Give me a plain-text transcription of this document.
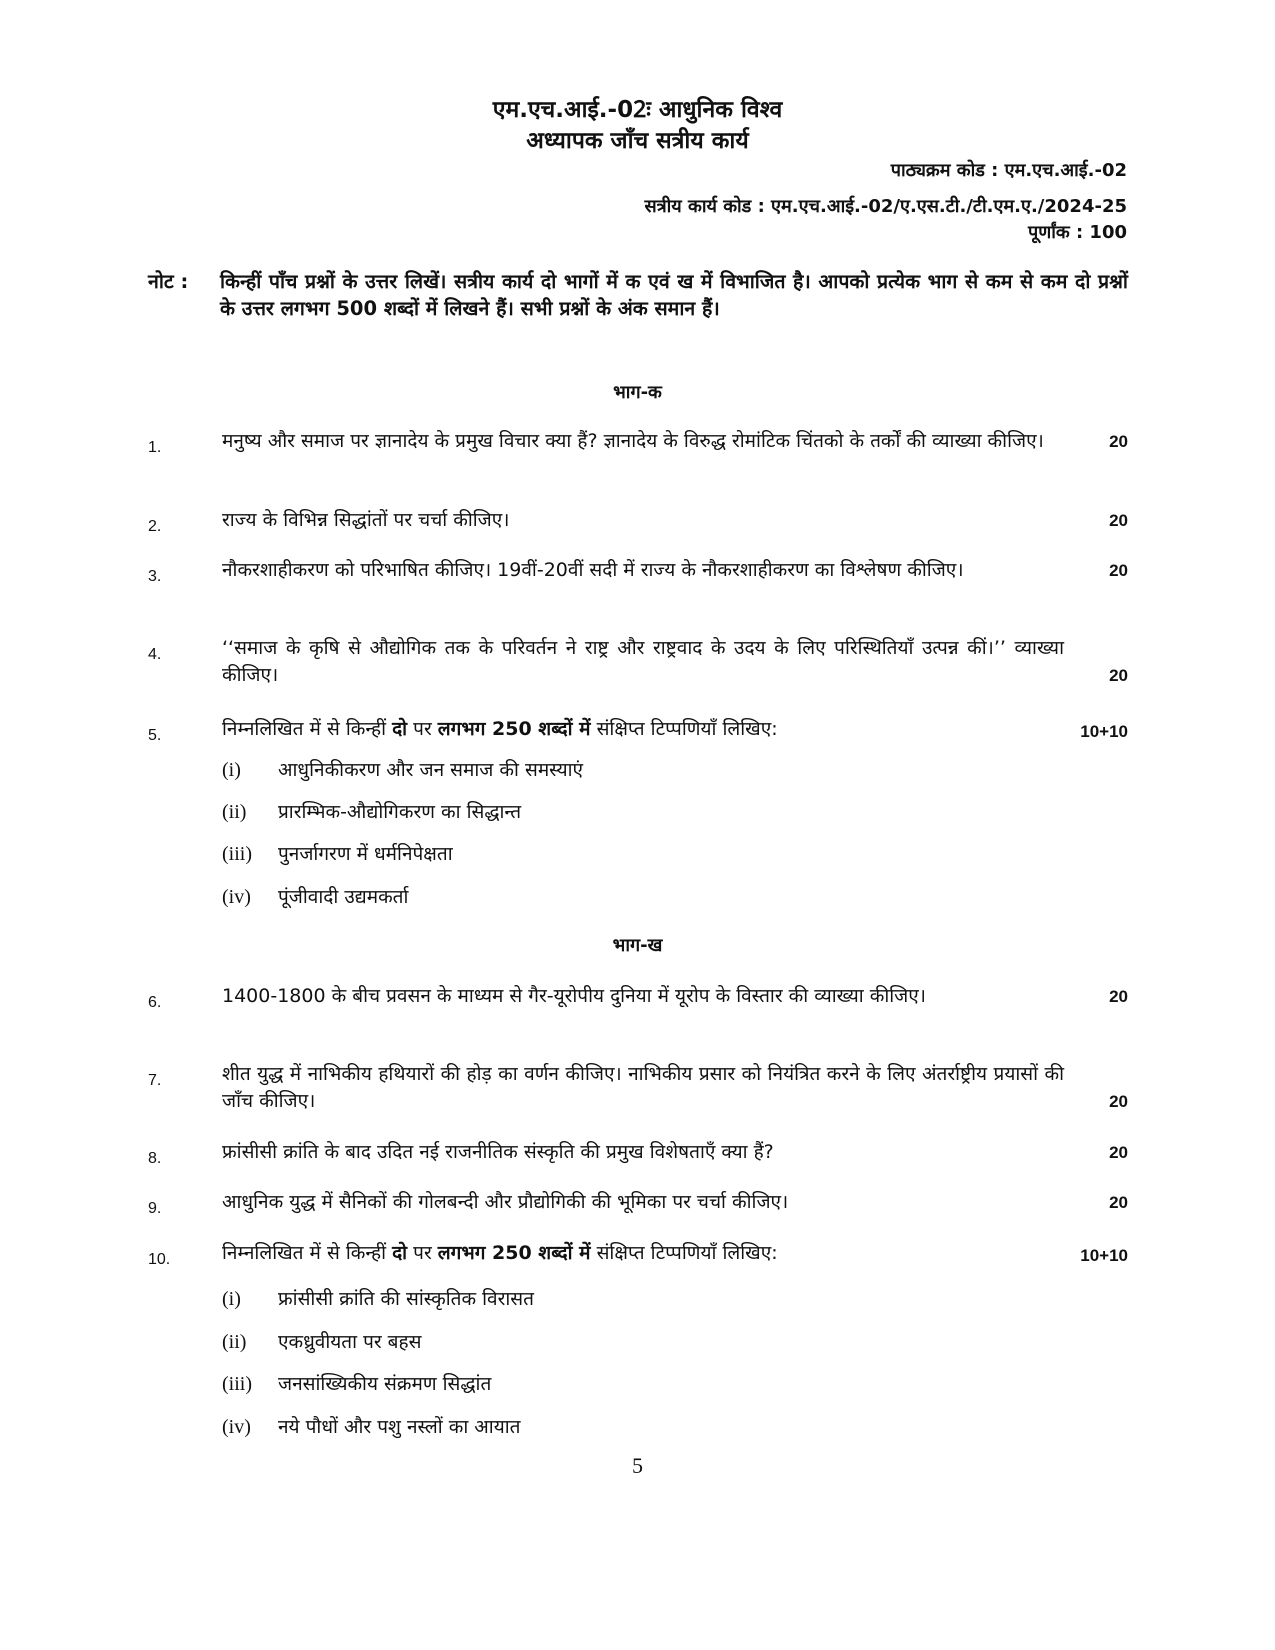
एम.एच.आई.-02ः आधुनिक विश्व
अध्यापक जाँच सत्रीय कार्य
पाठ्यक्रम कोड : एम.एच.आई.-02
सत्रीय कार्य कोड : एम.एच.आई.-02/ए.एस.टी./टी.एम.ए./2024-25
पूर्णांक : 100
नोट : किन्हीं पाँच प्रश्नों के उत्तर लिखें। सत्रीय कार्य दो भागों में क एवं ख में विभाजित है। आपको प्रत्येक भाग से कम से कम दो प्रश्नों के उत्तर लगभग 500 शब्दों में लिखने हैं। सभी प्रश्नों के अंक समान हैं।
भाग-क
1.	मनुष्य और समाज पर ज्ञानादेय के प्रमुख विचार क्या हैं? ज्ञानादेय के विरुद्ध रोमांटिक चिंतको के तर्कों की व्याख्या कीजिए।	20
2.	राज्य के विभिन्न सिद्धांतों पर चर्चा कीजिए।	20
3.	नौकरशाहीकरण को परिभाषित कीजिए। 19वीं-20वीं सदी में राज्य के नौकरशाहीकरण का विश्लेषण कीजिए।	20
4.	‘‘समाज के कृषि से औद्योगिक तक के परिवर्तन ने राष्ट्र और राष्ट्रवाद के उदय के लिए परिस्थितियाँ उत्पन्न कीं।’’ व्याख्या कीजिए।	20
5.	निम्नलिखित में से किन्हीं दो पर लगभग 250 शब्दों में संक्षिप्त टिप्पणियाँ लिखिए:	10+10
(i) आधुनिकीकरण और जन समाज की समस्याएं
(ii) प्रारम्भिक-औद्योगिकरण का सिद्धान्त
(iii) पुनर्जागरण में धर्मनिपेक्षता
(iv) पूंजीवादी उद्यमकर्ता
भाग-ख
6.	1400-1800 के बीच प्रवसन के माध्यम से गैर-यूरोपीय दुनिया में यूरोप के विस्तार की व्याख्या कीजिए।	20
7.	शीत युद्ध में नाभिकीय हथियारों की होड़ का वर्णन कीजिए। नाभिकीय प्रसार को नियंत्रित करने के लिए अंतर्राष्ट्रीय प्रयासों की जाँच कीजिए।	20
8.	फ्रांसीसी क्रांति के बाद उदित नई राजनीतिक संस्कृति की प्रमुख विशेषताएँ क्या हैं?	20
9.	आधुनिक युद्ध में सैनिकों की गोलबन्दी और प्रौद्योगिकी की भूमिका पर चर्चा कीजिए।	20
10.	निम्नलिखित में से किन्हीं दो पर लगभग 250 शब्दों में संक्षिप्त टिप्पणियाँ लिखिए:	10+10
(i) फ्रांसीसी क्रांति की सांस्कृतिक विरासत
(ii) एकध्रुवीयता पर बहस
(iii) जनसांख्यिकीय संक्रमण सिद्धांत
(iv) नये पौधों और पशु नस्लों का आयात
5
